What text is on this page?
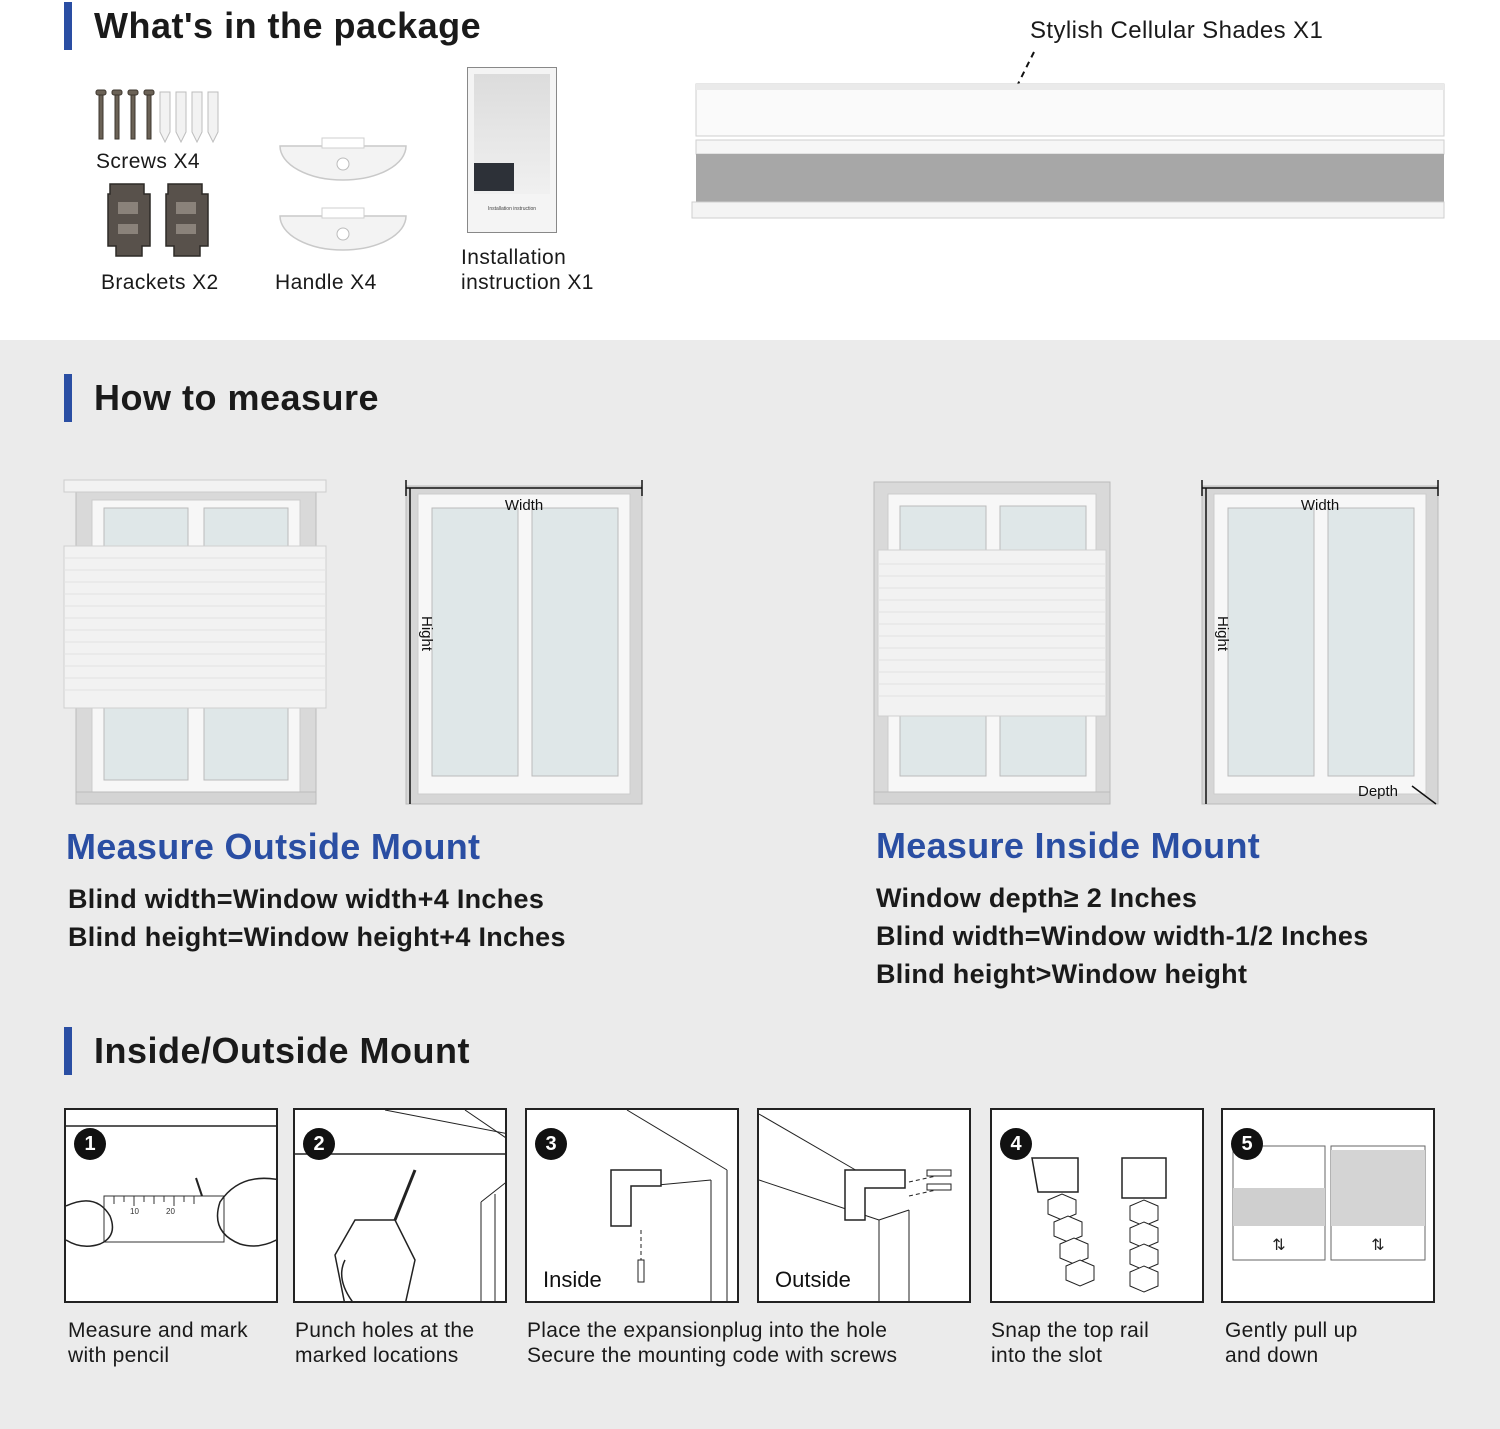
What's in the package
Screws X4
Brackets X2	Handle X4
Installation instruction
Installation
instruction X1
Stylish Cellular Shades X1
How to measure
Width
Hight
Width
Hight
Depth
Measure Outside Mount
Blind width=Window width+4 Inches
Blind height=Window height+4 Inches
Measure Inside Mount
Window depth≥ 2 Inches
Blind width=Window width-1/2 Inches
Blind height>Window height
Inside/Outside Mount
1
10	20
2	3
Inside	Outside
4	5
⇅	⇅
Measure and mark
with pencil
Punch holes at the
marked locations
Place the expansionplug into the hole
Secure the mounting code with screws
Snap the top rail
into the slot
Gently pull up
and down
